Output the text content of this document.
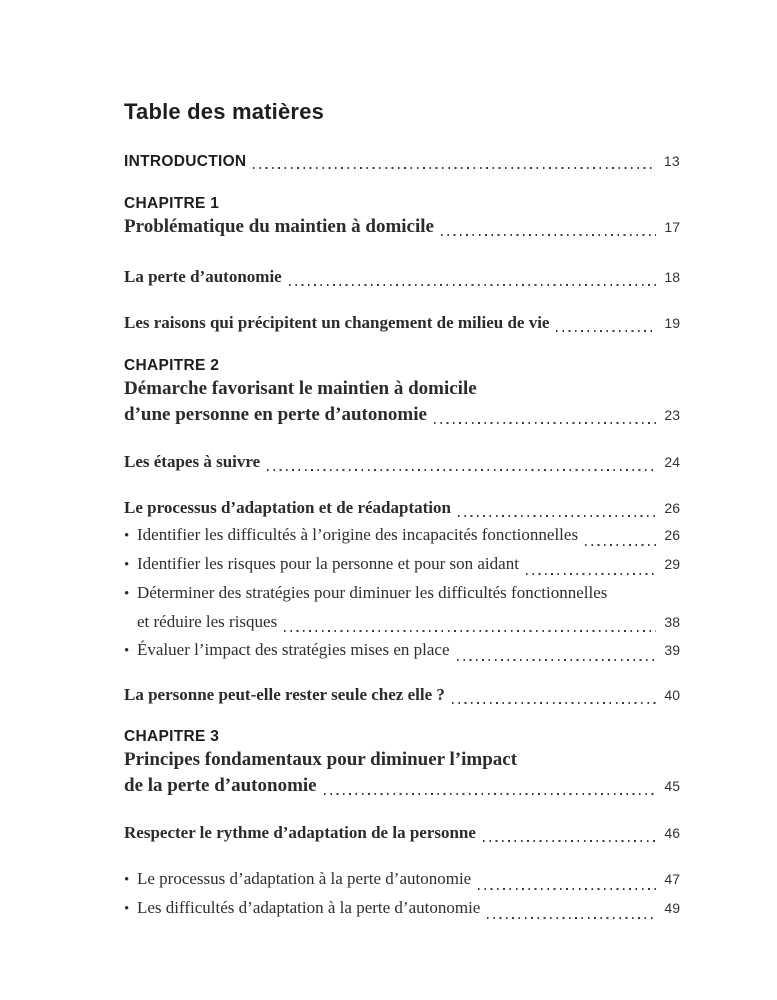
Table des matières
INTRODUCTION	13
CHAPITRE 1
Problématique du maintien à domicile	17
La perte d’autonomie	18
Les raisons qui précipitent un changement de milieu de vie	19
CHAPITRE 2
Démarche favorisant le maintien à domicile
d’une personne en perte d’autonomie	23
Les étapes à suivre	24
Le processus d’adaptation et de réadaptation	26
• Identifier les difficultés à l’origine des incapacités fonctionnelles	26
• Identifier les risques pour la personne et pour son aidant	29
• Déterminer des stratégies pour diminuer les difficultés fonctionnelles
et réduire les risques	38
• Évaluer l’impact des stratégies mises en place	39
La personne peut-elle rester seule chez elle ?	40
CHAPITRE 3
Principes fondamentaux pour diminuer l’impact
de la perte d’autonomie	45
Respecter le rythme d’adaptation de la personne	46
• Le processus d’adaptation à la perte d’autonomie	47
• Les difficultés d’adaptation à la perte d’autonomie	49
